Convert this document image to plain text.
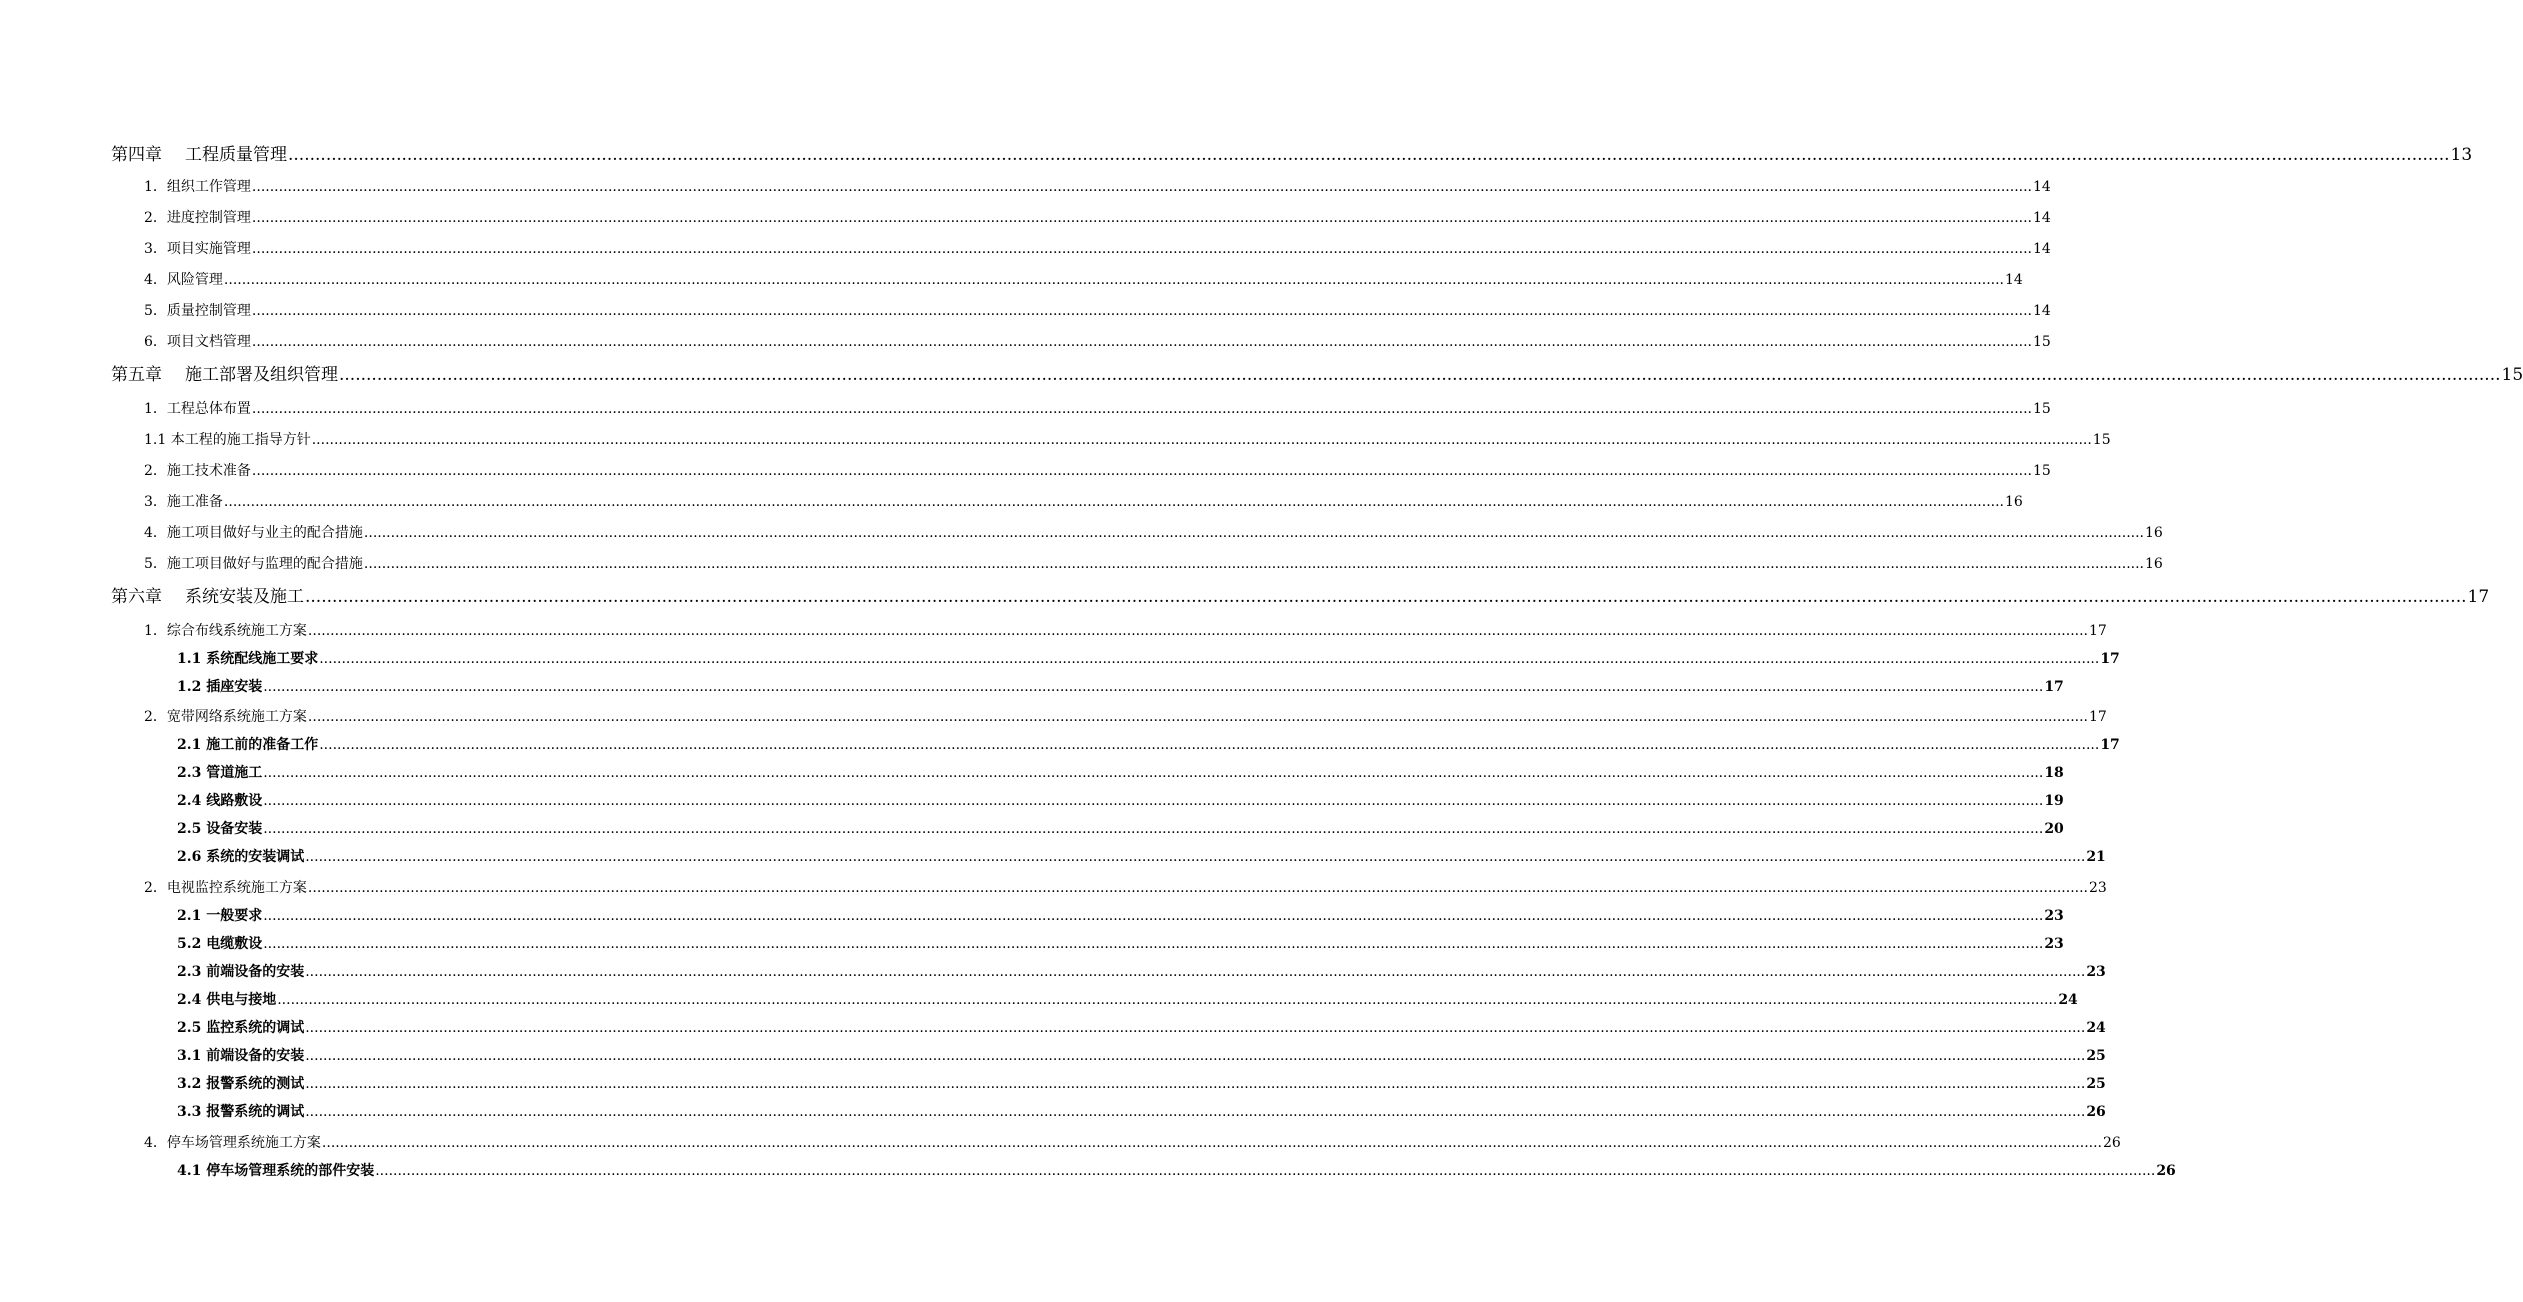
第四章 工程质量管理 ................................................................................................................................................................................................................................................................................................................................................................................................................ 13
1．组织工作管理 ................................................................................................................................................................................................................................................................................................................................................................................................................ 14
2．进度控制管理 ................................................................................................................................................................................................................................................................................................................................................................................................................ 14
3．项目实施管理 ................................................................................................................................................................................................................................................................................................................................................................................................................ 14
4．风险管理 ................................................................................................................................................................................................................................................................................................................................................................................................................ 14
5．质量控制管理 ................................................................................................................................................................................................................................................................................................................................................................................................................ 14
6．项目文档管理 ................................................................................................................................................................................................................................................................................................................................................................................................................ 15
第五章 施工部署及组织管理 ................................................................................................................................................................................................................................................................................................................................................................................................................ 15
1．工程总体布置 ................................................................................................................................................................................................................................................................................................................................................................................................................ 15
1.1 本工程的施工指导方针 ................................................................................................................................................................................................................................................................................................................................................................................................................ 15
2．施工技术准备 ................................................................................................................................................................................................................................................................................................................................................................................................................ 15
3．施工准备 ................................................................................................................................................................................................................................................................................................................................................................................................................ 16
4．施工项目做好与业主的配合措施 ................................................................................................................................................................................................................................................................................................................................................................................................................ 16
5．施工项目做好与监理的配合措施 ................................................................................................................................................................................................................................................................................................................................................................................................................ 16
第六章 系统安装及施工 ................................................................................................................................................................................................................................................................................................................................................................................................................ 17
1．综合布线系统施工方案 ................................................................................................................................................................................................................................................................................................................................................................................................................ 17
1.1 系统配线施工要求 ................................................................................................................................................................................................................................................................................................................................................................................................................ 17
1.2 插座安装 ................................................................................................................................................................................................................................................................................................................................................................................................................ 17
2．宽带网络系统施工方案 ................................................................................................................................................................................................................................................................................................................................................................................................................ 17
2.1 施工前的准备工作 ................................................................................................................................................................................................................................................................................................................................................................................................................ 17
2.3 管道施工 ................................................................................................................................................................................................................................................................................................................................................................................................................ 18
2.4 线路敷设 ................................................................................................................................................................................................................................................................................................................................................................................................................ 19
2.5 设备安装 ................................................................................................................................................................................................................................................................................................................................................................................................................ 20
2.6 系统的安装调试 ................................................................................................................................................................................................................................................................................................................................................................................................................ 21
2．电视监控系统施工方案 ................................................................................................................................................................................................................................................................................................................................................................................................................ 23
2.1 一般要求 ................................................................................................................................................................................................................................................................................................................................................................................................................ 23
5.2 电缆敷设 ................................................................................................................................................................................................................................................................................................................................................................................................................ 23
2.3 前端设备的安装 ................................................................................................................................................................................................................................................................................................................................................................................................................ 23
2.4 供电与接地 ................................................................................................................................................................................................................................................................................................................................................................................................................ 24
2.5 监控系统的调试 ................................................................................................................................................................................................................................................................................................................................................................................................................ 24
3.1 前端设备的安装 ................................................................................................................................................................................................................................................................................................................................................................................................................ 25
3.2 报警系统的测试 ................................................................................................................................................................................................................................................................................................................................................................................................................ 25
3.3 报警系统的调试 ................................................................................................................................................................................................................................................................................................................................................................................................................ 26
4．停车场管理系统施工方案 ................................................................................................................................................................................................................................................................................................................................................................................................................ 26
4.1 停车场管理系统的部件安装 ................................................................................................................................................................................................................................................................................................................................................................................................................ 26
